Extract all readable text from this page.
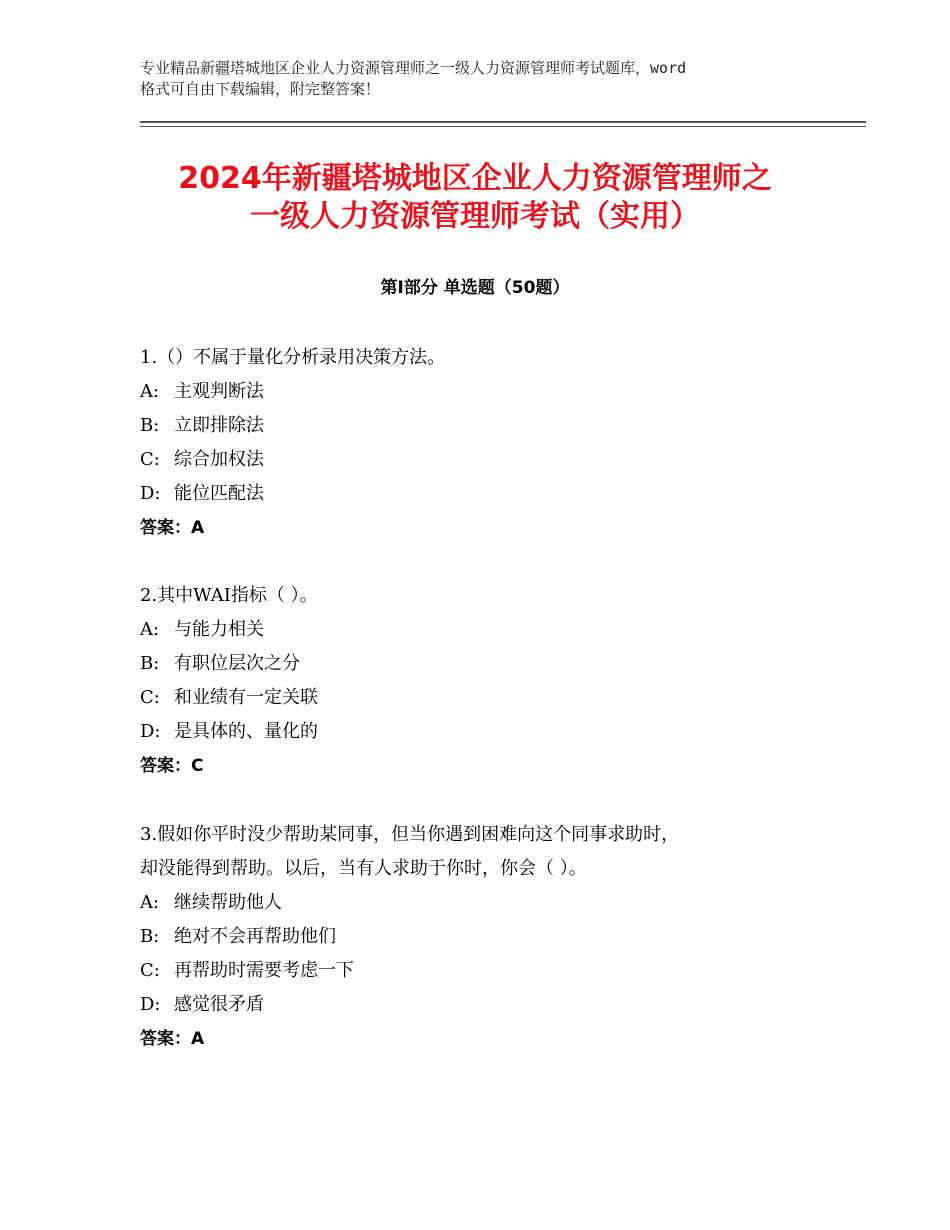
专业精品新疆塔城地区企业人力资源管理师之一级人力资源管理师考试题库，word
格式可自由下载编辑，附完整答案！
2024年新疆塔城地区企业人力资源管理师之
一级人力资源管理师考试（实用）
第Ⅰ部分 单选题（50题）
1.（）不属于量化分析录用决策方法。
A: 主观判断法
B: 立即排除法
C: 综合加权法
D: 能位匹配法
答案：A
2.其中WAI指标（ ）。
A: 与能力相关
B: 有职位层次之分
C: 和业绩有一定关联
D: 是具体的、量化的
答案：C
3.假如你平时没少帮助某同事，但当你遇到困难向这个同事求助时，
却没能得到帮助。以后，当有人求助于你时，你会（ ）。
A: 继续帮助他人
B: 绝对不会再帮助他们
C: 再帮助时需要考虑一下
D: 感觉很矛盾
答案：A
